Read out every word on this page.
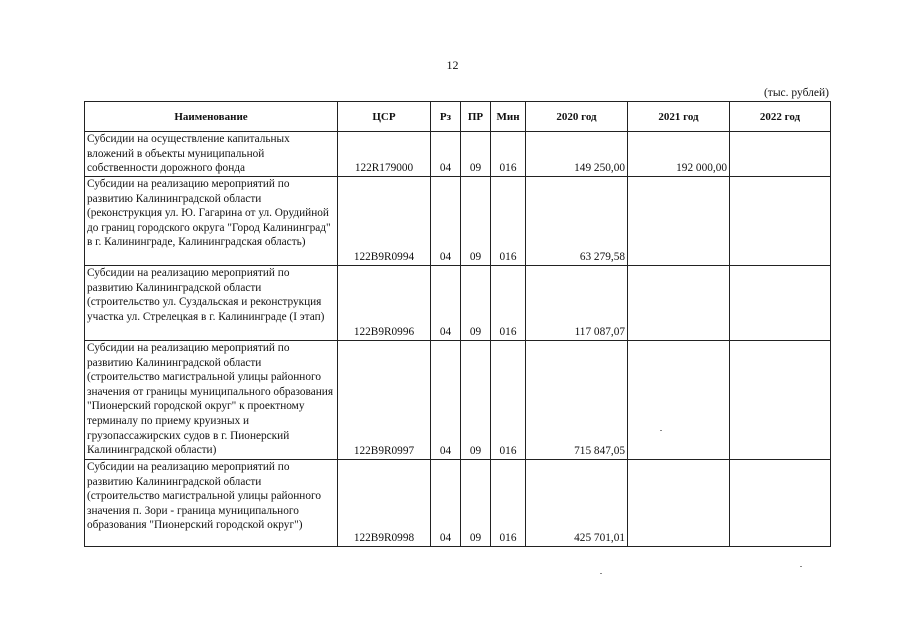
12
(тыс. рублей)
Наименование	ЦСР	Рз	ПР	Мин	2020 год	2021 год	2022 год
Субсидии на осуществление капитальных вложений в объекты муниципальной собственности дорожного фонда	122R179000	04	09	016	149 250,00	192 000,00	
Субсидии на реализацию мероприятий по развитию Калининградской области (реконструкция ул. Ю. Гагарина от ул. Орудийной до границ городского округа "Город Калининград" в г. Калининграде, Калининградская область)	122B9R0994	04	09	016	63 279,58		
Субсидии на реализацию мероприятий по развитию Калининградской области (строительство ул. Суздальская и реконструкция участка ул. Стрелецкая в г. Калининграде (I этап)	122B9R0996	04	09	016	117 087,07		
Субсидии на реализацию мероприятий по развитию Калининградской области (строительство магистральной улицы районного значения от границы муниципального образования "Пионерский городской округ" к проектному терминалу по приему круизных и грузопассажирских судов в г. Пионерский Калининградской области)	122B9R0997	04	09	016	715 847,05		
Субсидии на реализацию мероприятий по развитию Калининградской области (строительство магистральной улицы районного значения п. Зори - граница муниципального образования "Пионерский городской округ")	122B9R0998	04	09	016	425 701,01		
